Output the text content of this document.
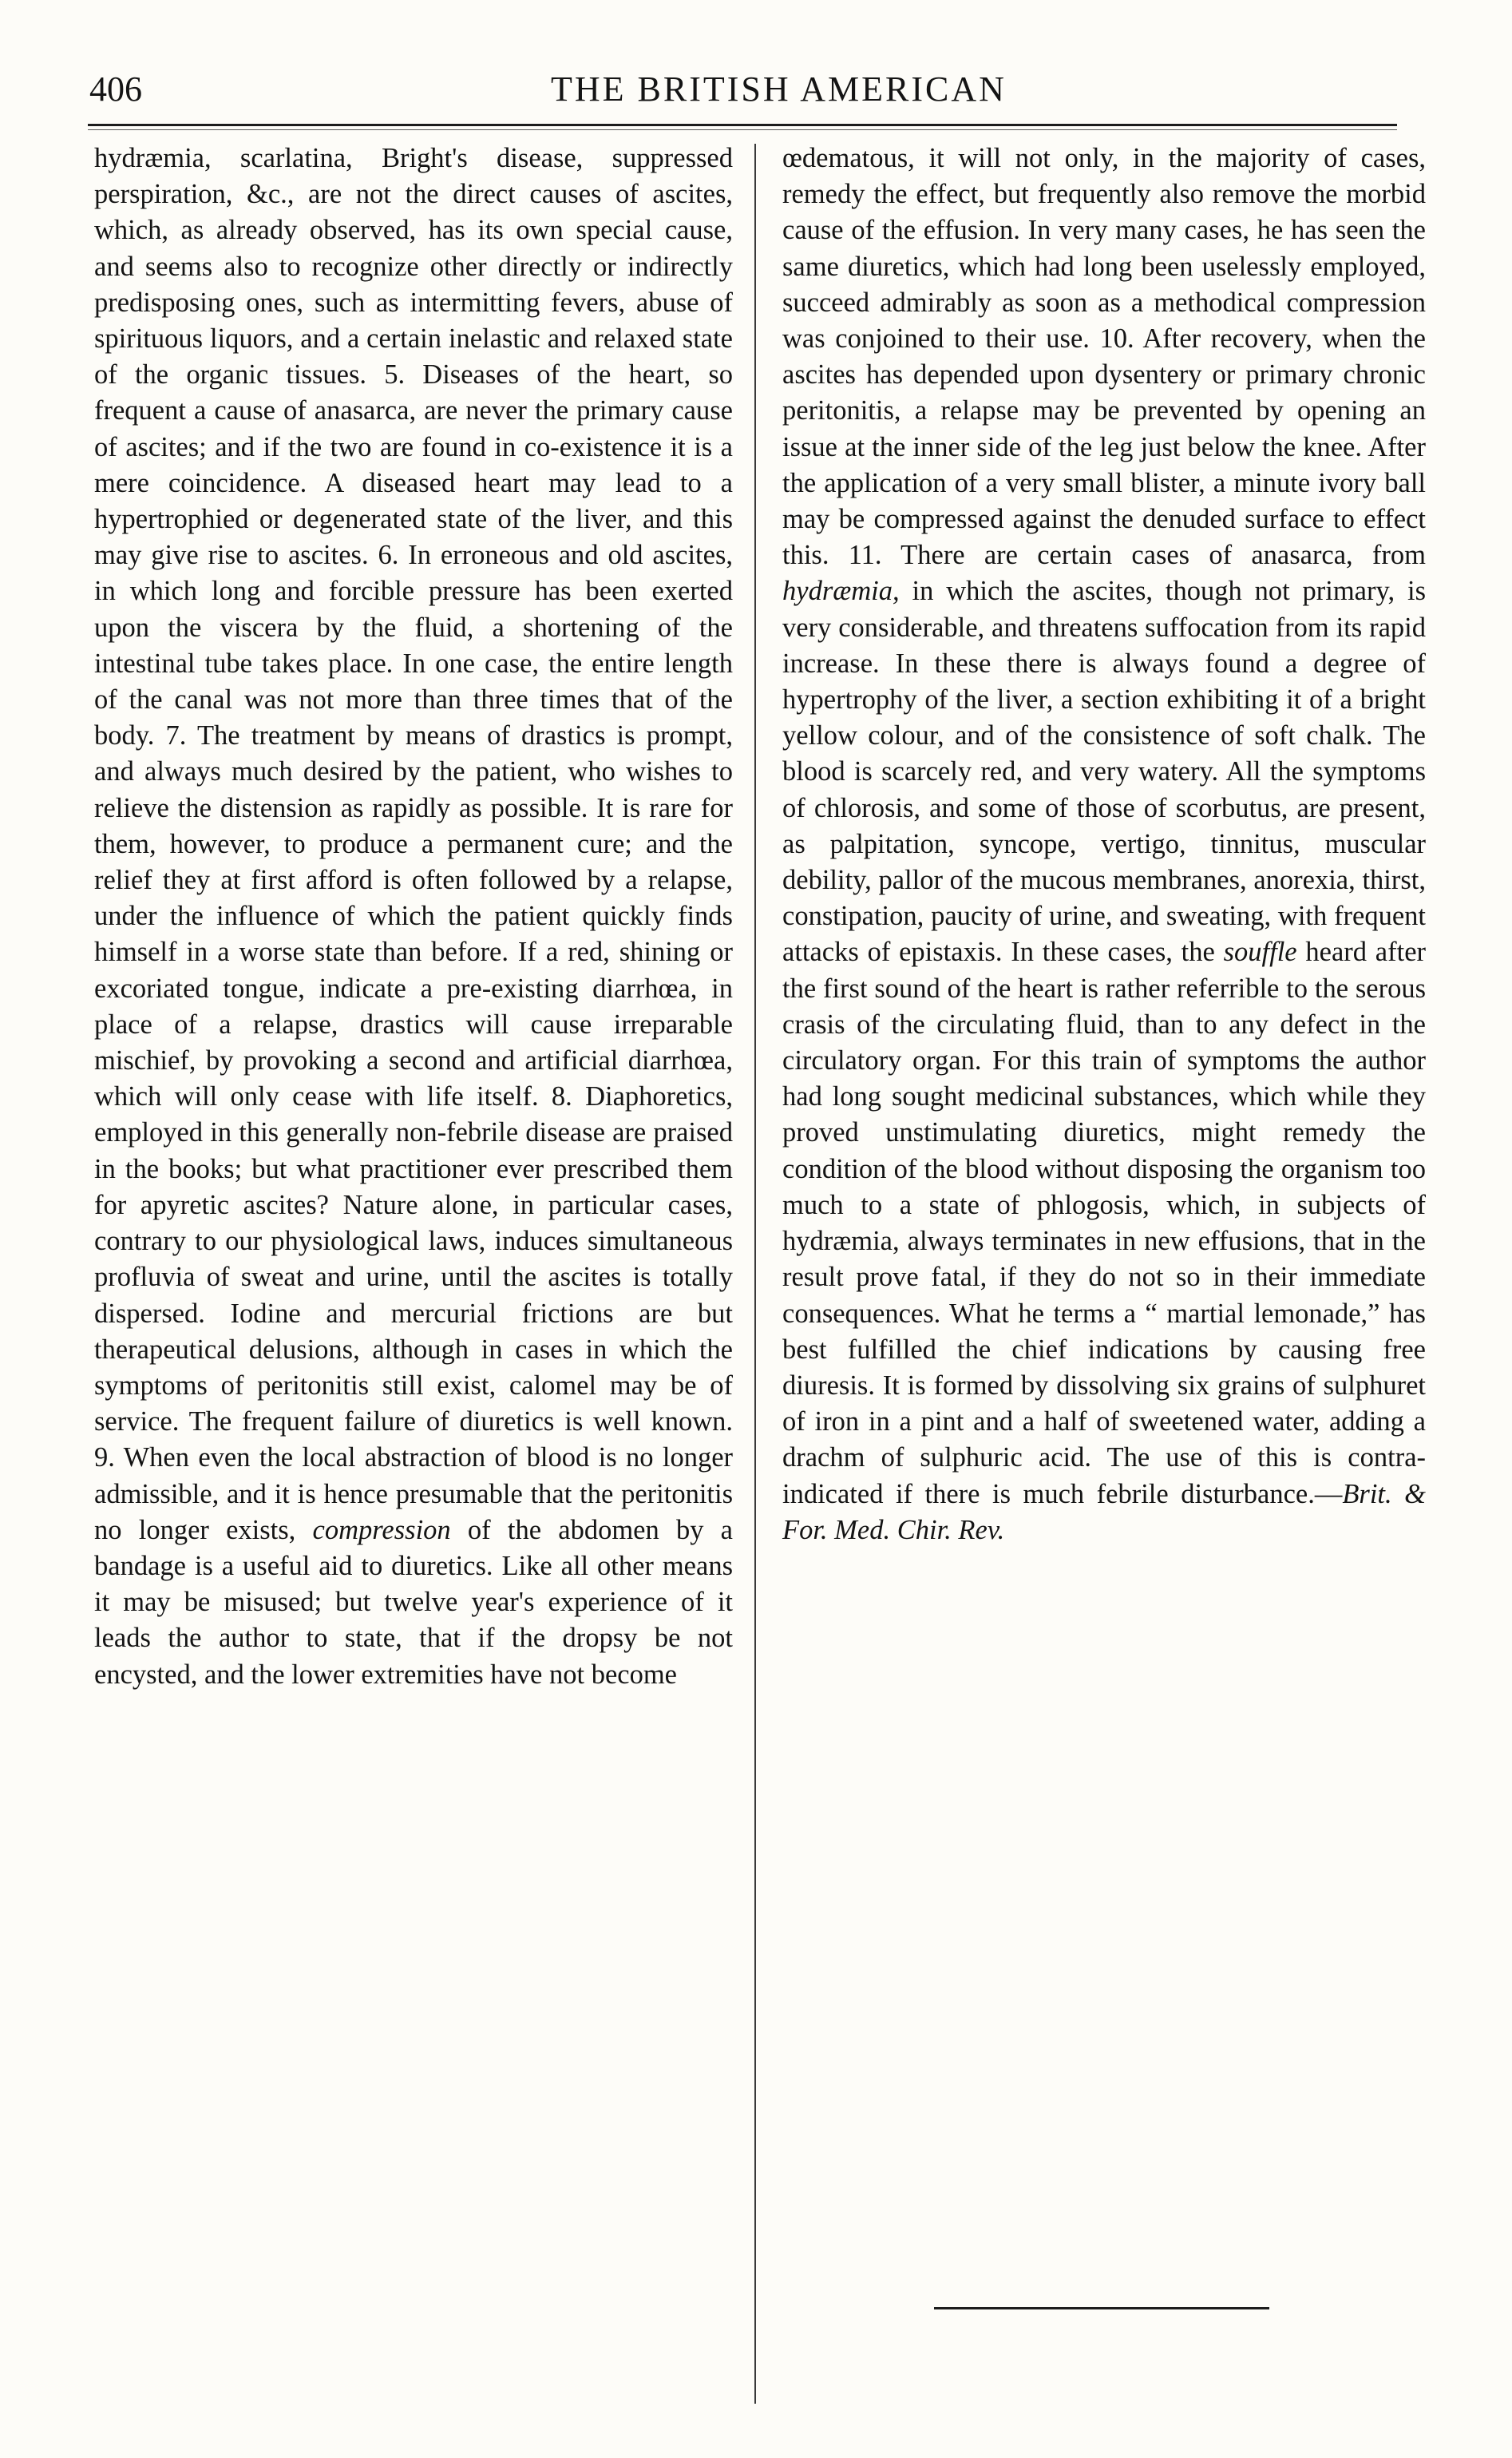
406	THE BRITISH AMERICAN

hydræmia, scarlatina, Bright's disease, suppressed perspiration, &c., are not the direct causes of ascites, which, as already observed, has its own special cause, and seems also to recognize other directly or indirectly predisposing ones, such as intermitting fevers, abuse of spirituous liquors, and a certain inelastic and relaxed state of the organic tissues. 5. Diseases of the heart, so frequent a cause of anasarca, are never the primary cause of ascites; and if the two are found in co-existence it is a mere coincidence. A diseased heart may lead to a hypertrophied or degenerated state of the liver, and this may give rise to ascites. 6. In erroneous and old ascites, in which long and forcible pressure has been exerted upon the viscera by the fluid, a shortening of the intestinal tube takes place. In one case, the entire length of the canal was not more than three times that of the body. 7. The treatment by means of drastics is prompt, and always much desired by the patient, who wishes to relieve the distension as rapidly as possible. It is rare for them, however, to produce a permanent cure; and the relief they at first afford is often followed by a relapse, under the influence of which the patient quickly finds himself in a worse state than before. If a red, shining or excoriated tongue, indicate a pre-existing diarrhœa, in place of a relapse, drastics will cause irreparable mischief, by provoking a second and artificial diarrhœa, which will only cease with life itself. 8. Diaphoretics, employed in this generally non-febrile disease are praised in the books; but what practitioner ever prescribed them for apyretic ascites? Nature alone, in particular cases, contrary to our physiological laws, induces simultaneous profluvia of sweat and urine, until the ascites is totally dispersed. Iodine and mercurial frictions are but therapeutical delusions, although in cases in which the symptoms of peritonitis still exist, calomel may be of service. The frequent failure of diuretics is well known. 9. When even the local abstraction of blood is no longer admissible, and it is hence presumable that the peritonitis no longer exists, compression of the abdomen by a bandage is a useful aid to diuretics. Like all other means it may be misused; but twelve year's experience of it leads the author to state, that if the dropsy be not encysted, and the lower extremities have not become

œdematous, it will not only, in the majority of cases, remedy the effect, but frequently also remove the morbid cause of the effusion. In very many cases, he has seen the same diuretics, which had long been uselessly employed, succeed admirably as soon as a methodical compression was conjoined to their use. 10. After recovery, when the ascites has depended upon dysentery or primary chronic peritonitis, a relapse may be prevented by opening an issue at the inner side of the leg just below the knee. After the application of a very small blister, a minute ivory ball may be compressed against the denuded surface to effect this. 11. There are certain cases of anasarca, from hydræmia, in which the ascites, though not primary, is very considerable, and threatens suffocation from its rapid increase. In these there is always found a degree of hypertrophy of the liver, a section exhibiting it of a bright yellow colour, and of the consistence of soft chalk. The blood is scarcely red, and very watery. All the symptoms of chlorosis, and some of those of scorbutus, are present, as palpitation, syncope, vertigo, tinnitus, muscular debility, pallor of the mucous membranes, anorexia, thirst, constipation, paucity of urine, and sweating, with frequent attacks of epistaxis. In these cases, the souffle heard after the first sound of the heart is rather referrible to the serous crasis of the circulating fluid, than to any defect in the circulatory organ. For this train of symptoms the author had long sought medicinal substances, which while they proved unstimulating diuretics, might remedy the condition of the blood without disposing the organism too much to a state of phlogosis, which, in subjects of hydræmia, always terminates in new effusions, that in the result prove fatal, if they do not so in their immediate consequences. What he terms a “ martial lemonade,” has best fulfilled the chief indications by causing free diuresis. It is formed by dissolving six grains of sulphuret of iron in a pint and a half of sweetened water, adding a drachm of sulphuric acid. The use of this is contra-indicated if there is much febrile disturbance.—Brit. & For. Med. Chir. Rev.
